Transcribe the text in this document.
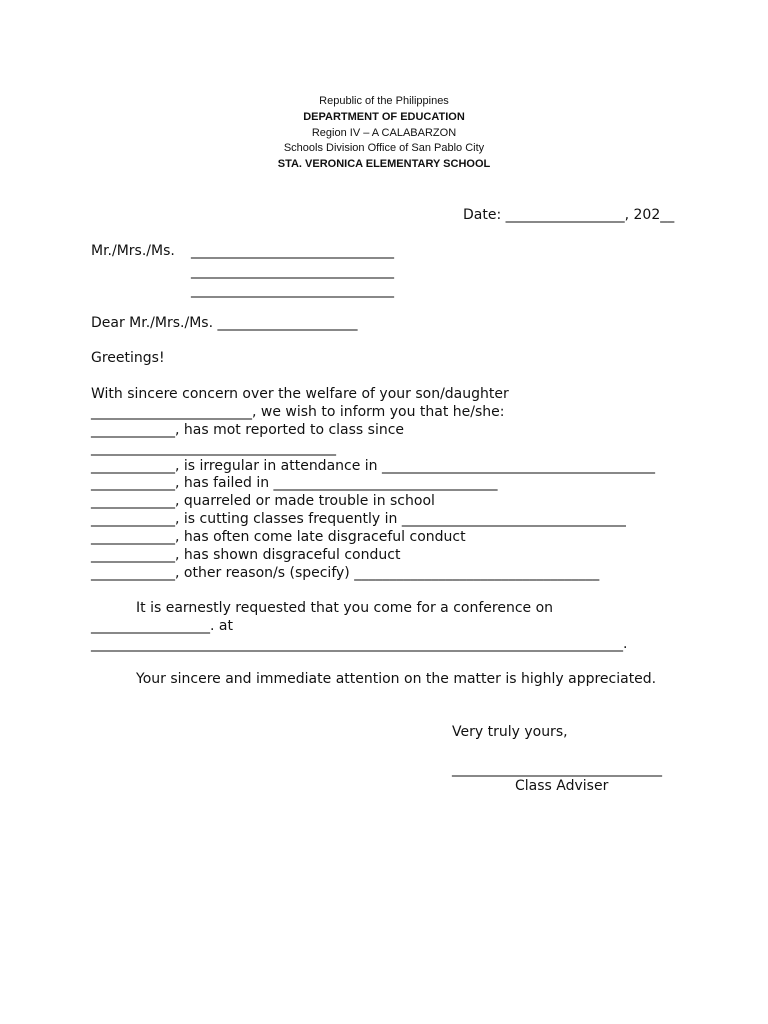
Republic of the Philippines
DEPARTMENT OF EDUCATION
Region IV – A CALABARZON
Schools Division Office of San Pablo City
STA. VERONICA ELEMENTARY SCHOOL
Date: _________________, 202__
Mr./Mrs./Ms. _____________________________
_____________________________
_____________________________
Dear Mr./Mrs./Ms. ____________________
Greetings!
With sincere concern over the welfare of your son/daughter
_______________________, we wish to inform you that he/she:
____________, has mot reported to class since
___________________________________
____________, is irregular in attendance in _______________________________________
____________, has failed in ________________________________
____________, quarreled or made trouble in school
____________, is cutting classes frequently in ________________________________
____________, has often come late disgraceful conduct
____________, has shown disgraceful conduct
____________, other reason/s (specify) ___________________________________
It is earnestly requested that you come for a conference on
_________________. at
____________________________________________________________________________.
Your sincere and immediate attention on the matter is highly appreciated.
Very truly yours,
______________________________
Class Adviser
